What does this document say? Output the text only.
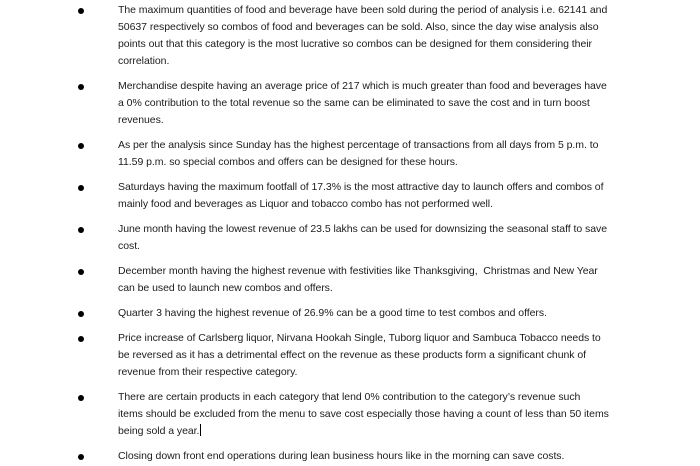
The maximum quantities of food and beverage have been sold during the period of analysis i.e. 62141 and
50637 respectively so combos of food and beverages can be sold. Also, since the day wise analysis also
points out that this category is the most lucrative so combos can be designed for them considering their
correlation.
Merchandise despite having an average price of 217 which is much greater than food and beverages have
a 0% contribution to the total revenue so the same can be eliminated to save the cost and in turn boost
revenues.
As per the analysis since Sunday has the highest percentage of transactions from all days from 5 p.m. to
11.59 p.m. so special combos and offers can be designed for these hours.
Saturdays having the maximum footfall of 17.3% is the most attractive day to launch offers and combos of
mainly food and beverages as Liquor and tobacco combo has not performed well.
June month having the lowest revenue of 23.5 lakhs can be used for downsizing the seasonal staff to save
cost.
December month having the highest revenue with festivities like Thanksgiving,  Christmas and New Year
can be used to launch new combos and offers.
Quarter 3 having the highest revenue of 26.9% can be a good time to test combos and offers.
Price increase of Carlsberg liquor, Nirvana Hookah Single, Tuborg liquor and Sambuca Tobacco needs to
be reversed as it has a detrimental effect on the revenue as these products form a significant chunk of
revenue from their respective category.
There are certain products in each category that lend 0% contribution to the category’s revenue such
items should be excluded from the menu to save cost especially those having a count of less than 50 items
being sold a year.
Closing down front end operations during lean business hours like in the morning can save costs.
